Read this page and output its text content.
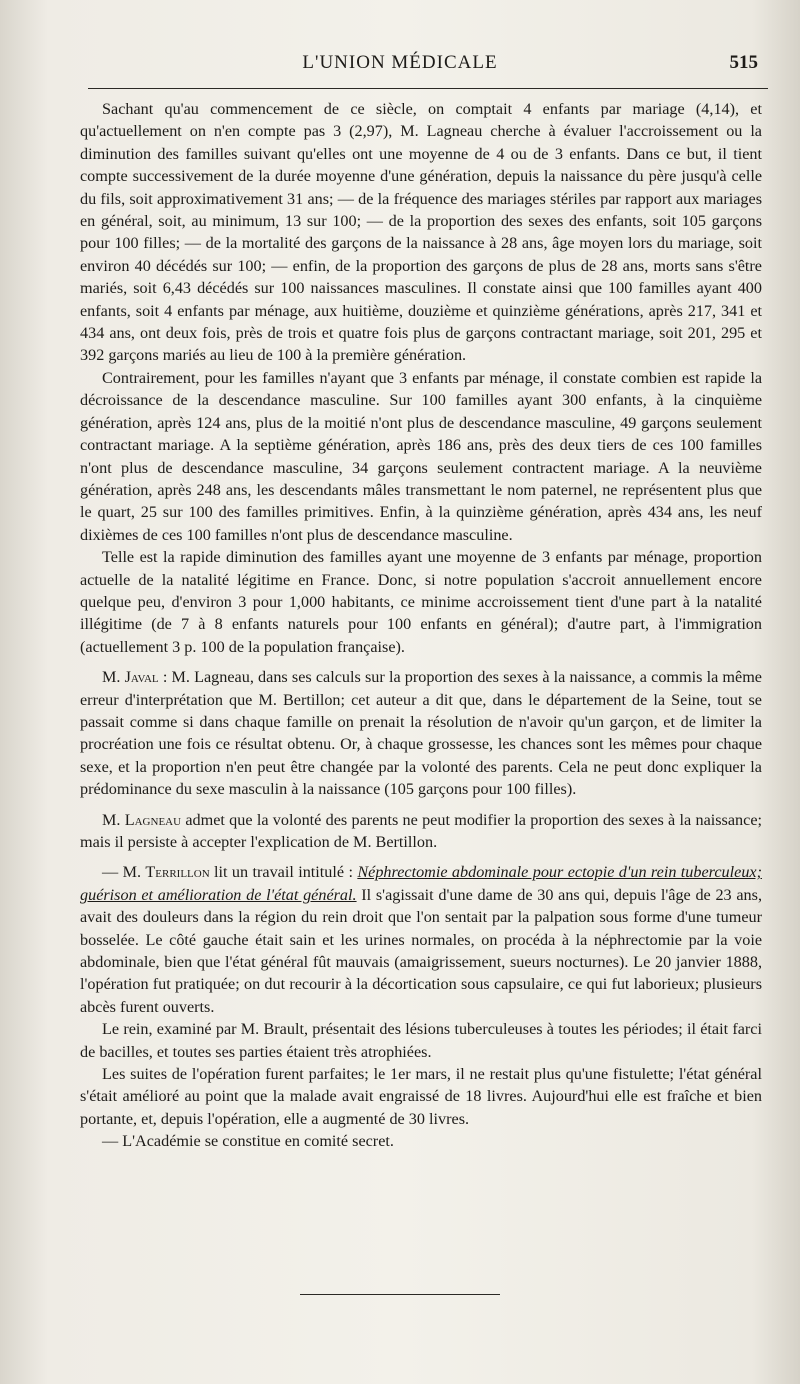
L'UNION MÉDICALE	515

Sachant qu'au commencement de ce siècle, on comptait 4 enfants par mariage (4,14), et qu'actuellement on n'en compte pas 3 (2,97), M. Lagneau cherche à évaluer l'accroissement ou la diminution des familles suivant qu'elles ont une moyenne de 4 ou de 3 enfants. Dans ce but, il tient compte successivement de la durée moyenne d'une génération, depuis la naissance du père jusqu'à celle du fils, soit approximativement 31 ans; — de la fréquence des mariages stériles par rapport aux mariages en général, soit, au minimum, 13 sur 100; — de la proportion des sexes des enfants, soit 105 garçons pour 100 filles; — de la mortalité des garçons de la naissance à 28 ans, âge moyen lors du mariage, soit environ 40 décédés sur 100; — enfin, de la proportion des garçons de plus de 28 ans, morts sans s'être mariés, soit 6,43 décédés sur 100 naissances masculines. Il constate ainsi que 100 familles ayant 400 enfants, soit 4 enfants par ménage, aux huitième, douzième et quinzième générations, après 217, 341 et 434 ans, ont deux fois, près de trois et quatre fois plus de garçons contractant mariage, soit 201, 295 et 392 garçons mariés au lieu de 100 à la première génération.

Contrairement, pour les familles n'ayant que 3 enfants par ménage, il constate combien est rapide la décroissance de la descendance masculine. Sur 100 familles ayant 300 enfants, à la cinquième génération, après 124 ans, plus de la moitié n'ont plus de descendance masculine, 49 garçons seulement contractant mariage. A la septième génération, après 186 ans, près des deux tiers de ces 100 familles n'ont plus de descendance masculine, 34 garçons seulement contractent mariage. A la neuvième génération, après 248 ans, les descendants mâles transmettant le nom paternel, ne représentent plus que le quart, 25 sur 100 des familles primitives. Enfin, à la quinzième génération, après 434 ans, les neuf dixièmes de ces 100 familles n'ont plus de descendance masculine.

Telle est la rapide diminution des familles ayant une moyenne de 3 enfants par ménage, proportion actuelle de la natalité légitime en France. Donc, si notre population s'accroit annuellement encore quelque peu, d'environ 3 pour 1,000 habitants, ce minime accroissement tient d'une part à la natalité illégitime (de 7 à 8 enfants naturels pour 100 enfants en général); d'autre part, à l'immigration (actuellement 3 p. 100 de la population française).

M. Javal : M. Lagneau, dans ses calculs sur la proportion des sexes à la naissance, a commis la même erreur d'interprétation que M. Bertillon; cet auteur a dit que, dans le département de la Seine, tout se passait comme si dans chaque famille on prenait la résolution de n'avoir qu'un garçon, et de limiter la procréation une fois ce résultat obtenu. Or, à chaque grossesse, les chances sont les mêmes pour chaque sexe, et la proportion n'en peut être changée par la volonté des parents. Cela ne peut donc expliquer la prédominance du sexe masculin à la naissance (105 garçons pour 100 filles).

M. Lagneau admet que la volonté des parents ne peut modifier la proportion des sexes à la naissance; mais il persiste à accepter l'explication de M. Bertillon.

— M. Terrillon lit un travail intitulé : Néphrectomie abdominale pour ectopie d'un rein tuberculeux; guérison et amélioration de l'état général. Il s'agissait d'une dame de 30 ans qui, depuis l'âge de 23 ans, avait des douleurs dans la région du rein droit que l'on sentait par la palpation sous forme d'une tumeur bosselée. Le côté gauche était sain et les urines normales, on procéda à la néphrectomie par la voie abdominale, bien que l'état général fût mauvais (amaigrissement, sueurs nocturnes). Le 20 janvier 1888, l'opération fut pratiquée; on dut recourir à la décortication sous capsulaire, ce qui fut laborieux; plusieurs abcès furent ouverts.

Le rein, examiné par M. Brault, présentait des lésions tuberculeuses à toutes les périodes; il était farci de bacilles, et toutes ses parties étaient très atrophiées.

Les suites de l'opération furent parfaites; le 1er mars, il ne restait plus qu'une fistulette; l'état général s'était amélioré au point que la malade avait engraissé de 18 livres. Aujourd'hui elle est fraîche et bien portante, et, depuis l'opération, elle a augmenté de 30 livres.

— L'Académie se constitue en comité secret.
